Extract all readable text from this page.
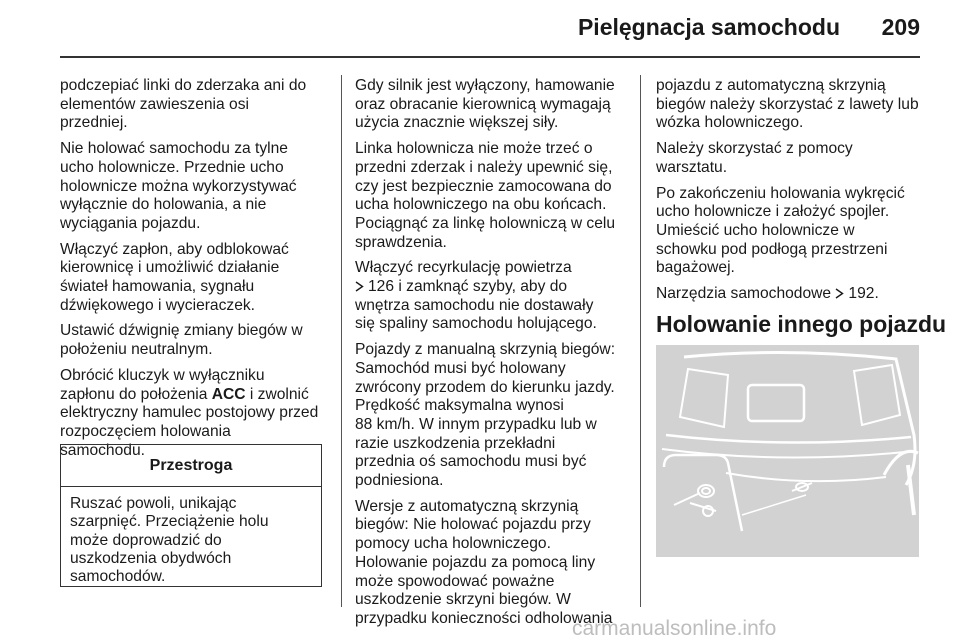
Pielęgnacja samochodu 209

podczepiać linki do zderzaka ani do
elementów zawieszenia osi
przedniej.

Nie holować samochodu za tylne
ucho holownicze. Przednie ucho
holownicze można wykorzystywać
wyłącznie do holowania, a nie
wyciągania pojazdu.

Włączyć zapłon, aby odblokować
kierownicę i umożliwić działanie
świateł hamowania, sygnału
dźwiękowego i wycieraczek.

Ustawić dźwignię zmiany biegów w
położeniu neutralnym.

Obrócić kluczyk w wyłączniku
zapłonu do położenia ACC i zwolnić
elektryczny hamulec postojowy przed
rozpoczęciem holowania
samochodu.

Przestroga
Ruszać powoli, unikając
szarpnięć. Przeciążenie holu
może doprowadzić do
uszkodzenia obydwóch
samochodów.

Gdy silnik jest wyłączony, hamowanie
oraz obracanie kierownicą wymagają
użycia znacznie większej siły.

Linka holownicza nie może trzeć o
przedni zderzak i należy upewnić się,
czy jest bezpiecznie zamocowana do
ucha holowniczego na obu końcach.
Pociągnąć za linkę holowniczą w celu
sprawdzenia.

Włączyć recyrkulację powietrza
126 i zamknąć szyby, aby do
wnętrza samochodu nie dostawały
się spaliny samochodu holującego.

Pojazdy z manualną skrzynią biegów:
Samochód musi być holowany
zwrócony przodem do kierunku jazdy.
Prędkość maksymalna wynosi
88 km/h. W innym przypadku lub w
razie uszkodzenia przekładni
przednia oś samochodu musi być
podniesiona.

Wersje z automatyczną skrzynią
biegów: Nie holować pojazdu przy
pomocy ucha holowniczego.
Holowanie pojazdu za pomocą liny
może spowodować poważne
uszkodzenie skrzyni biegów. W
przypadku konieczności odholowania

pojazdu z automatyczną skrzynią
biegów należy skorzystać z lawety lub
wózka holowniczego.

Należy skorzystać z pomocy
warsztatu.

Po zakończeniu holowania wykręcić
ucho holownicze i założyć spojler.
Umieścić ucho holownicze w
schowku pod podłogą przestrzeni
bagażowej.

Narzędzia samochodowe 192.

Holowanie innego pojazdu
carmanualsonline.info
